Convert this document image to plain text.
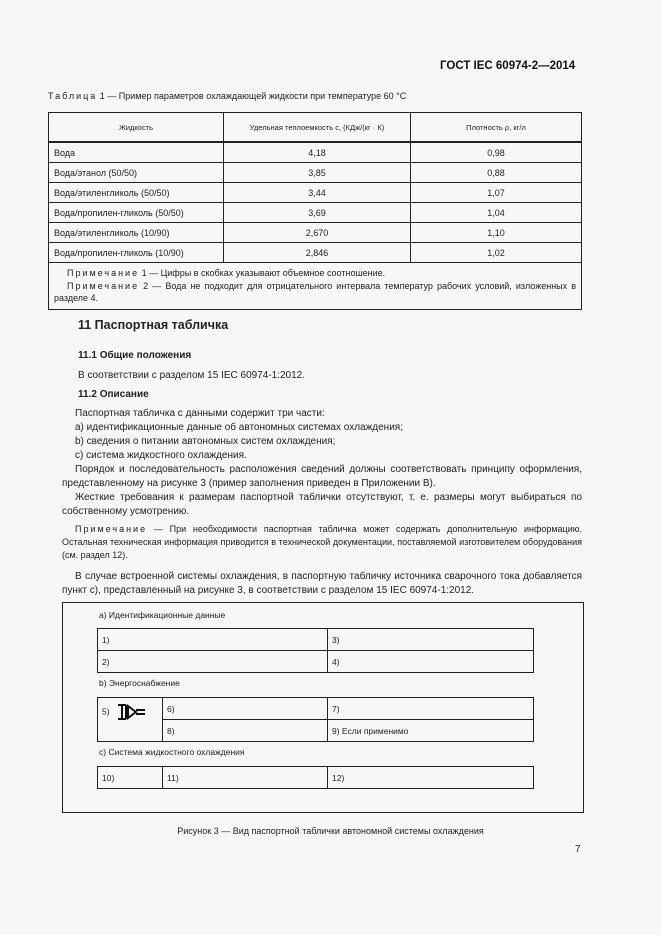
ГОСТ IEC 60974-2—2014
Таблица 1 — Пример параметров охлаждающей жидкости при температуре 60 °С
Жидкость	Удельная теплоемкость c, (КДж/(кг · К)	Плотность ρ, кг/л
Вода	4,18	0,98
Вода/этанол (50/50)	3,85	0,88
Вода/этиленгликоль (50/50)	3,44	1,07
Вода/пропилен-гликоль (50/50)	3,69	1,04
Вода/этиленгликоль (10/90)	2,670	1,10
Вода/пропилен-гликоль (10/90)	2,846	1,02

Примечание 1 — Цифры в скобках указывают объемное соотношение.
Примечание 2 — Вода не подходит для отрицательного интервала температур рабочих условий, изложенных в разделе 4.		
11 Паспортная табличка
11.1 Общие положения
В соответствии с разделом 15 IEC 60974-1:2012.
11.2 Описание
Паспортная табличка с данными содержит три части:
a) идентификационные данные об автономных системах охлаждения;
b) сведения о питании автономных систем охлаждения;
c) система жидкостного охлаждения.
Порядок и последовательность расположения сведений должны соответствовать принципу оформления, представленному на рисунке 3 (пример заполнения приведен в Приложении В).
Жесткие требования к размерам паспортной таблички отсутствуют, т. е. размеры могут выбираться по собственному усмотрению.
Примечание — При необходимости паспортная табличка может содержать дополнительную информацию. Остальная техническая информация приводится в технической документации, поставляемой изготовителем оборудования (см. раздел 12).
В случае встроенной системы охлаждения, в паспортную табличку источника сварочного тока добавляется пункт с), представленный на рисунке 3, в соответствии с разделом 15 IEC 60974-1:2012.
a) Идентификационные данные
1)	3)
2)	4)
b) Энергоснабжение
5)	6)	7)
	8)	9) Если применимо
c) Система жидкостного охлаждения
10)	11)	12)
Рисунок 3 — Вид паспортной таблички автономной системы охлаждения
7
